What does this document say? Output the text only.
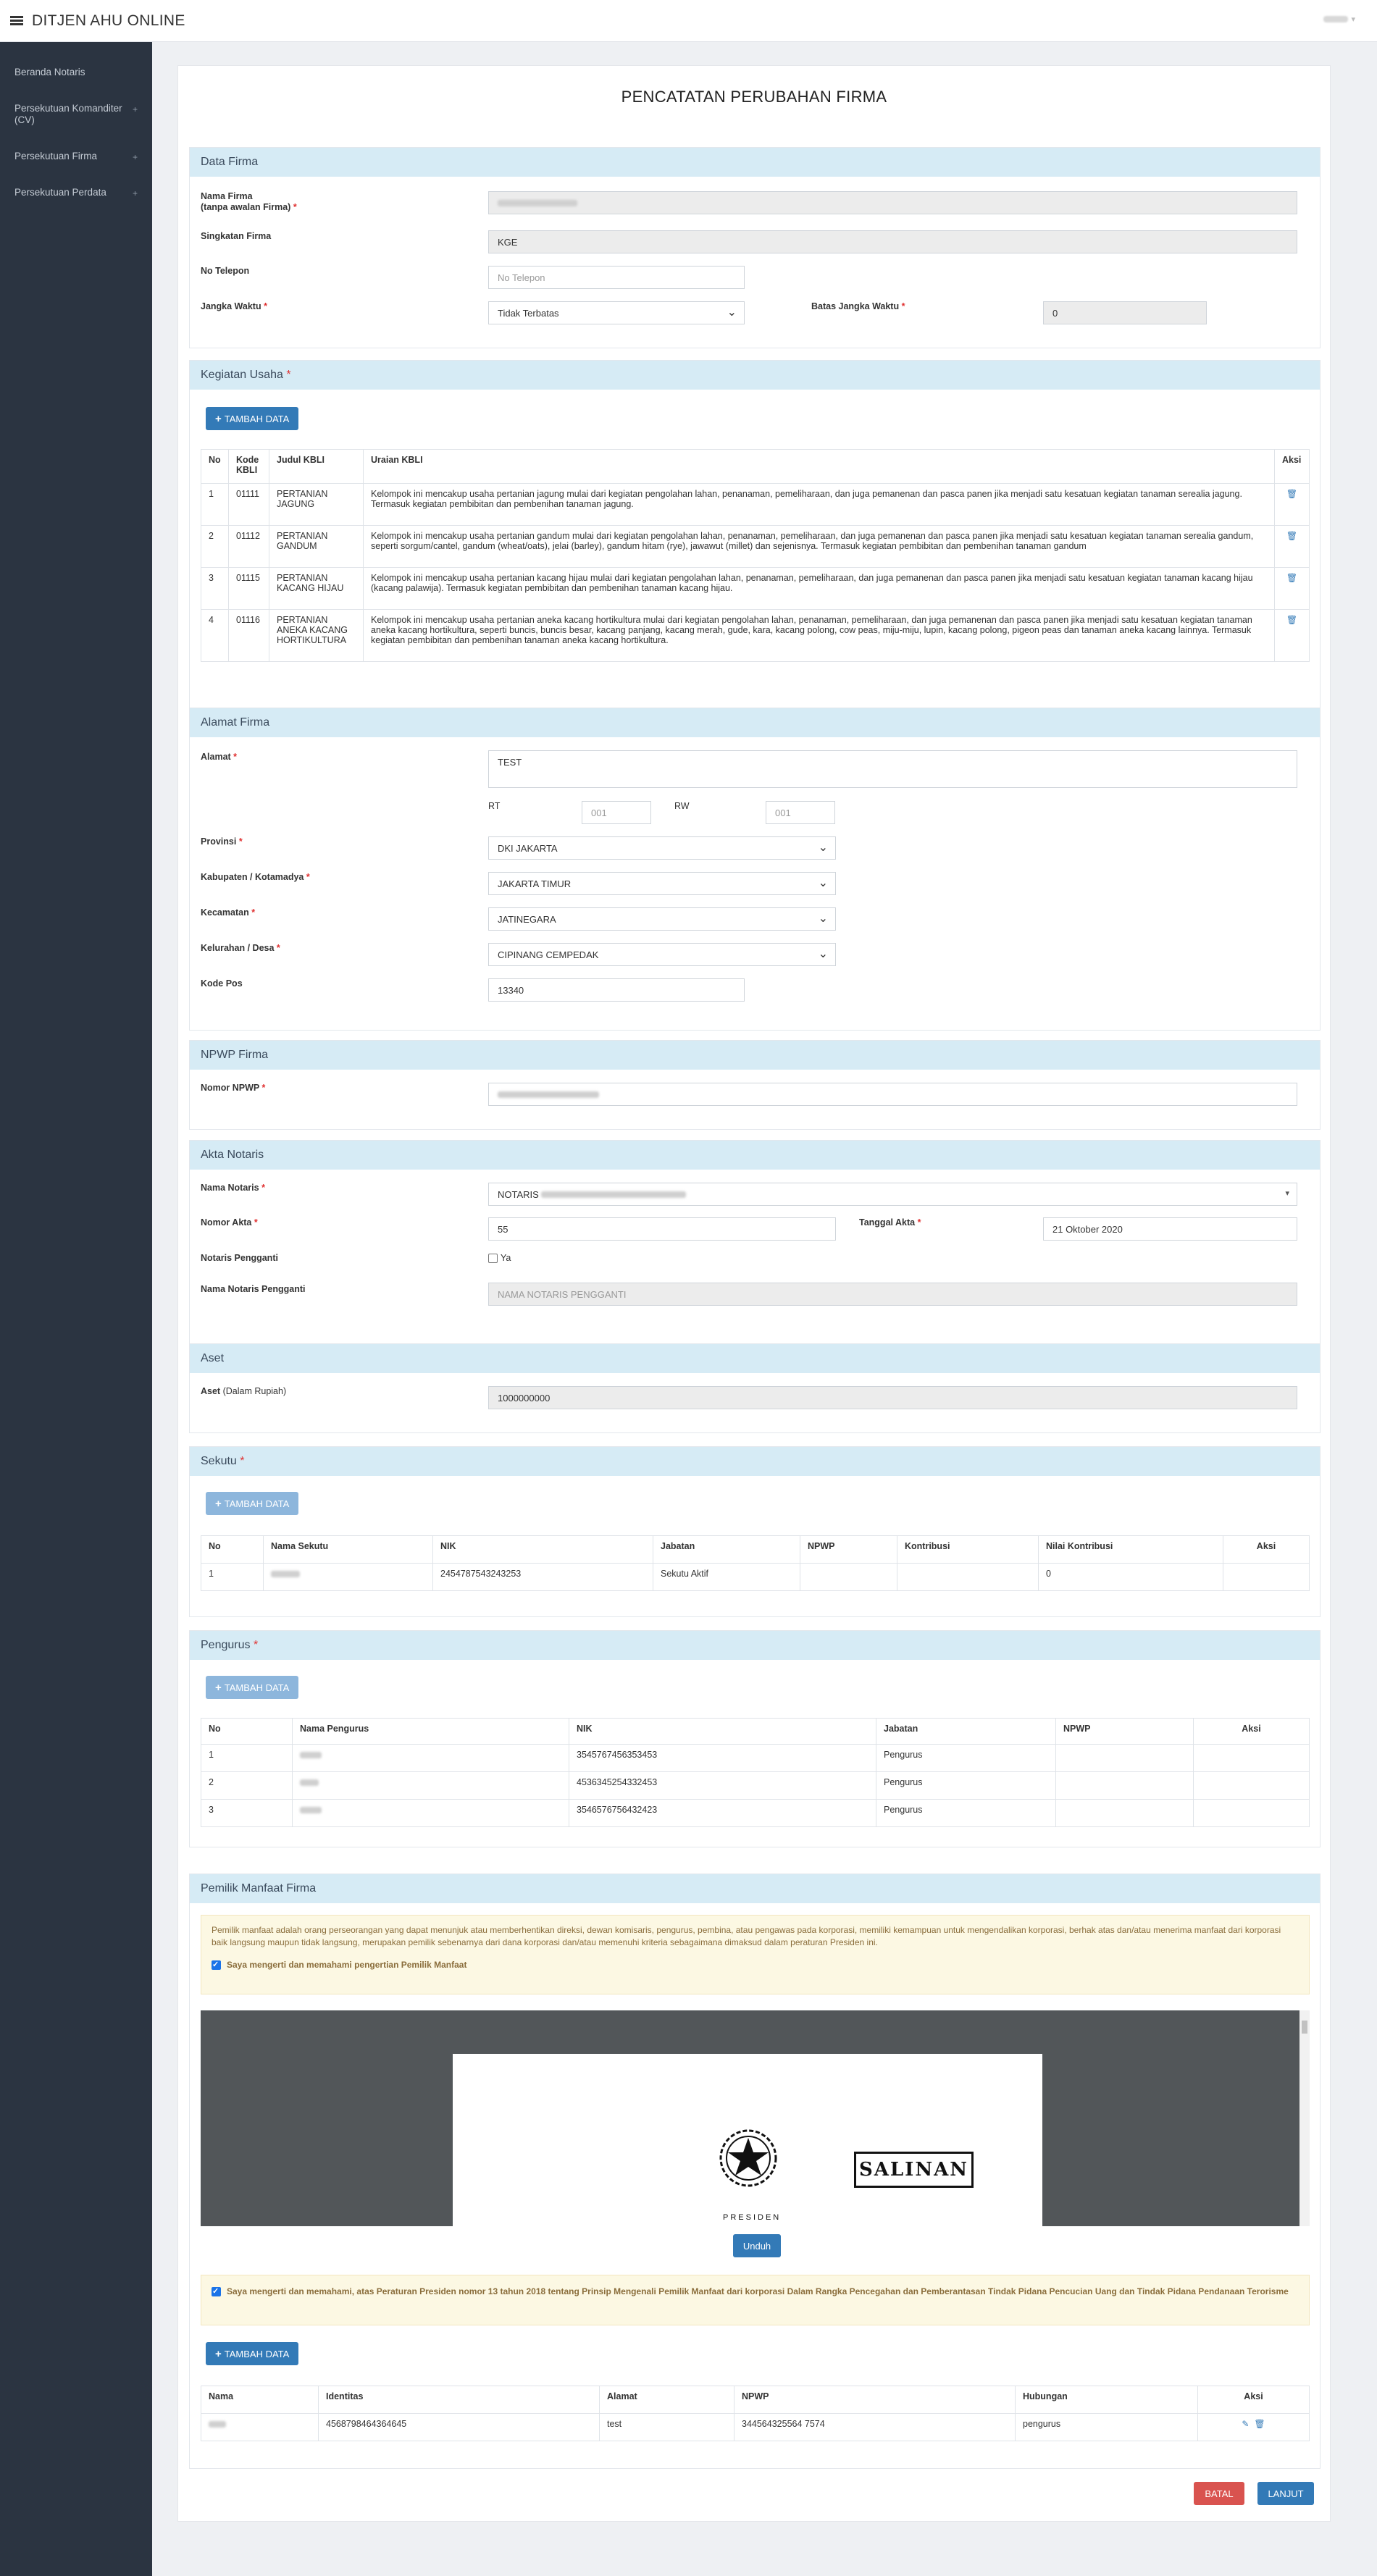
DITJEN AHU ONLINE	▾
Beranda Notaris
Persekutuan Komanditer (CV)
+
Persekutuan Firma	+
Persekutuan Perdata	+
PENCATATAN PERUBAHAN FIRMA
Data Firma
Nama Firma
(tanpa awalan Firma) *
Singkatan Firma
KGE
No Telepon
No Telepon
Jangka Waktu *
Tidak Terbatas
⌄
Batas Jangka Waktu *
0
Kegiatan Usaha
*
+ TAMBAH DATA
No	Kode KBLI	Judul KBLI	Uraian KBLI	Aksi
1	01111	PERTANIAN JAGUNG	Kelompok ini mencakup usaha pertanian jagung mulai dari kegiatan pengolahan lahan, penanaman, pemeliharaan, dan juga pemanenan dan pasca panen jika menjadi satu kesatuan kegiatan tanaman serealia jagung. Termasuk kegiatan pembibitan dan pembenihan tanaman jagung.	🗑
2	01112	PERTANIAN GANDUM	Kelompok ini mencakup usaha pertanian gandum mulai dari kegiatan pengolahan lahan, penanaman, pemeliharaan, dan juga pemanenan dan pasca panen jika menjadi satu kesatuan kegiatan tanaman serealia gandum, seperti sorgum/cantel, gandum (wheat/oats), jelai (barley), gandum hitam (rye), jawawut (millet) dan sejenisnya. Termasuk kegiatan pembibitan dan pembenihan tanaman gandum	🗑
3	01115	PERTANIAN KACANG HIJAU	Kelompok ini mencakup usaha pertanian kacang hijau mulai dari kegiatan pengolahan lahan, penanaman, pemeliharaan, dan juga pemanenan dan pasca panen jika menjadi satu kesatuan kegiatan tanaman kacang hijau (kacang palawija). Termasuk kegiatan pembibitan dan pembenihan tanaman kacang hijau.	🗑
4	01116	PERTANIAN ANEKA KACANG HORTIKULTURA	Kelompok ini mencakup usaha pertanian aneka kacang hortikultura mulai dari kegiatan pengolahan lahan, penanaman, pemeliharaan, dan juga pemanenan dan pasca panen jika menjadi satu kesatuan kegiatan tanaman aneka kacang hortikultura, seperti buncis, buncis besar, kacang panjang, kacang merah, gude, kara, kacang polong, cow peas, miju-miju, lupin, kacang polong, pigeon peas dan tanaman aneka kacang lainnya. Termasuk kegiatan pembibitan dan pembenihan tanaman aneka kacang hortikultura.	🗑
Alamat Firma
Alamat *	TEST
RT
001
RW
001
Provinsi *
DKI JAKARTA
⌄
Kabupaten / Kotamadya *
JAKARTA TIMUR
⌄
Kecamatan *
JATINEGARA
⌄
Kelurahan / Desa *
CIPINANG CEMPEDAK
⌄
Kode Pos
13340
NPWP Firma
Nomor NPWP *
Akta Notaris
Nama Notaris *
NOTARIS

▾
Nomor Akta *
55
Tanggal Akta *
21 Oktober 2020
Notaris Pengganti	Ya
Nama Notaris Pengganti	NAMA NOTARIS PENGGANTI
Aset
Aset (Dalam Rupiah)
1000000000
Sekutu
*
+ TAMBAH DATA
No	Nama Sekutu	NIK	Jabatan	NPWP	Kontribusi	Nilai Kontribusi	Aksi
1		2454787543243253	Sekutu Aktif			0	
Pengurus
*
+ TAMBAH DATA
No	Nama Pengurus	NIK	Jabatan	NPWP	Aksi
1		3545767456353453	Pengurus		
2		4536345254332453	Pengurus		
3		3546576756432423	Pengurus		
Pemilik Manfaat Firma
Pemilik manfaat adalah orang perseorangan yang dapat menunjuk atau memberhentikan direksi, dewan komisaris, pengurus, pembina, atau pengawas pada korporasi, memiliki kemampuan untuk mengendalikan korporasi, berhak atas dan/atau menerima manfaat dari korporasi baik langsung maupun tidak langsung, merupakan pemilik sebenarnya dari dana korporasi dan/atau memenuhi kriteria sebagaimana dimaksud dalam peraturan Presiden ini.
✓
Saya mengerti dan memahami pengertian Pemilik Manfaat
SALINAN
PRESIDEN
Unduh
✓
Saya mengerti dan memahami, atas Peraturan Presiden nomor 13 tahun 2018 tentang Prinsip Mengenali Pemilik Manfaat dari korporasi Dalam Rangka Pencegahan dan Pemberantasan Tindak Pidana Pencucian Uang dan Tindak Pidana Pendanaan Terorisme
+ TAMBAH DATA
Nama	Identitas	Alamat	NPWP	Hubungan	Aksi
	4568798464364645	test	344564325564 7574	pengurus	✎ 🗑
BATAL	LANJUT
